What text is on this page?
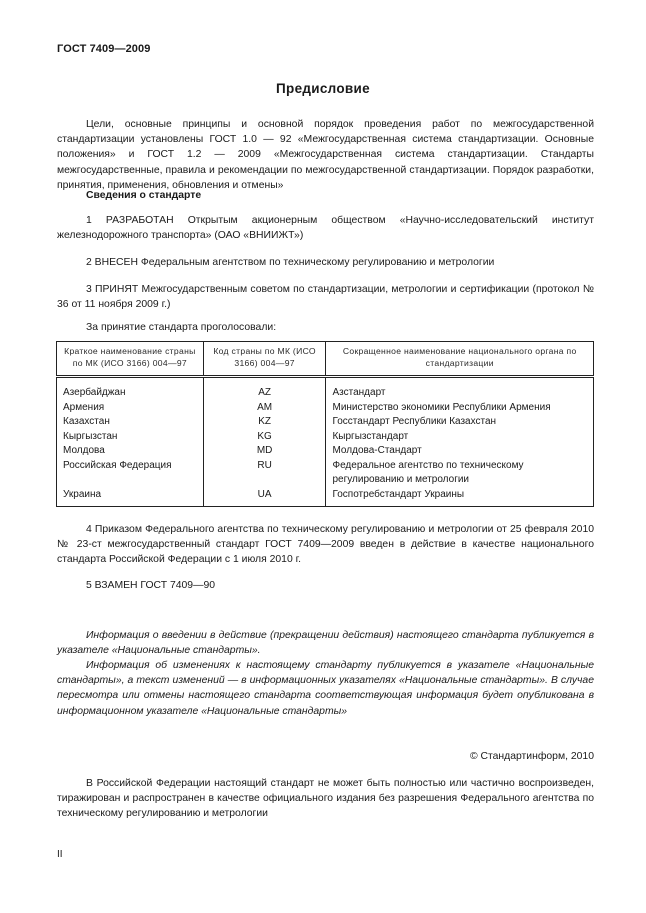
ГОСТ 7409—2009
Предисловие
Цели, основные принципы и основной порядок проведения работ по межгосударственной стандартизации установлены ГОСТ 1.0 — 92 «Межгосударственная система стандартизации. Основные положения» и ГОСТ 1.2 — 2009 «Межгосударственная система стандартизации. Стандарты межгосударственные, правила и рекомендации по межгосударственной стандартизации. Порядок разработки, принятия, применения, обновления и отмены»
Сведения о стандарте
1 РАЗРАБОТАН Открытым акционерным обществом «Научно-исследовательский институт железнодорожного транспорта» (ОАО «ВНИИЖТ»)
2 ВНЕСЕН Федеральным агентством по техническому регулированию и метрологии
3 ПРИНЯТ Межгосударственным советом по стандартизации, метрологии и сертификации (протокол № 36 от 11 ноября 2009 г.)
За принятие стандарта проголосовали:
Краткое наименование страны по МК (ИСО 3166) 004—97	Код страны по МК (ИСО 3166) 004—97	Сокращенное наименование национального органа по стандартизации
Азербайджан	AZ	Азстандарт
Армения	AM	Министерство экономики Республики Армения
Казахстан	KZ	Госстандарт Республики Казахстан
Кыргызстан	KG	Кыргызстандарт
Молдова	MD	Молдова-Стандарт
Российская Федерация	RU	Федеральное агентство по техническому регулированию и метрологии
Украина	UA	Госпотребстандарт Украины
4 Приказом Федерального агентства по техническому регулированию и метрологии от 25 февраля 2010 № 23-ст межгосударственный стандарт ГОСТ 7409—2009 введен в действие в качестве национального стандарта Российской Федерации с 1 июля 2010 г.
5 ВЗАМЕН ГОСТ 7409—90
Информация о введении в действие (прекращении действия) настоящего стандарта публикуется в указателе «Национальные стандарты».
Информация об изменениях к настоящему стандарту публикуется в указателе «Национальные стандарты», а текст изменений — в информационных указателях «Национальные стандарты». В случае пересмотра или отмены настоящего стандарта соответствующая информация будет опубликована в информационном указателе «Национальные стандарты»
© Стандартинформ, 2010
В Российской Федерации настоящий стандарт не может быть полностью или частично воспроизведен, тиражирован и распространен в качестве официального издания без разрешения Федерального агентства по техническому регулированию и метрологии
II
